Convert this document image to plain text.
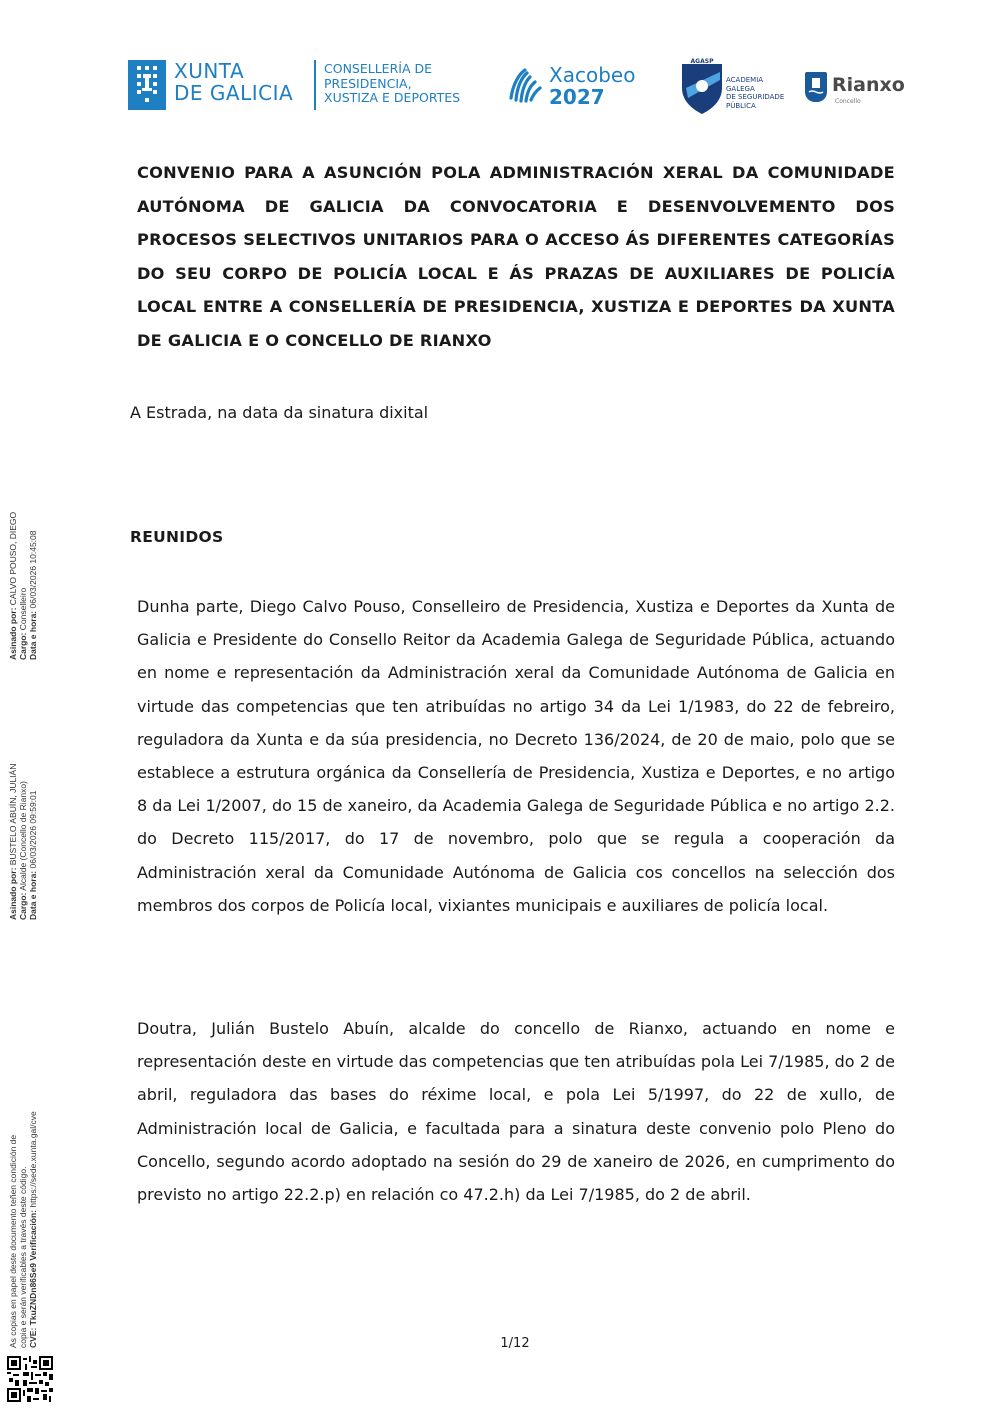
XUNTA
DE GALICIA
CONSELLERÍA DE
PRESIDENCIA,
XUSTIZA E DEPORTES
Xacobeo
2027
AGASP
ACADEMIA
GALEGA
DE SEGURIDADE
PÚBLICA
Rianxo
Concello
CONVENIO PARA A ASUNCIÓN POLA ADMINISTRACIÓN XERAL DA COMUNIDADE AUTÓNOMA DE GALICIA DA CONVOCATORIA E DESENVOLVEMENTO DOS PROCESOS SELECTIVOS UNITARIOS PARA O ACCESO ÁS DIFERENTES CATEGORÍAS DO SEU CORPO DE POLICÍA LOCAL E ÁS PRAZAS DE AUXILIARES DE POLICÍA LOCAL ENTRE A CONSELLERÍA DE PRESIDENCIA, XUSTIZA E DEPORTES DA XUNTA DE GALICIA E O CONCELLO DE RIANXO
A Estrada, na data da sinatura dixital
REUNIDOS
Dunha parte, Diego Calvo Pouso, Conselleiro de Presidencia, Xustiza e Deportes da Xunta de Galicia e Presidente do Consello Reitor da Academia Galega de Seguridade Pública, actuando en nome e representación da Administración xeral da Comunidade Autónoma de Galicia en virtude das competencias que ten atribuídas no artigo 34 da Lei 1/1983, do 22 de febreiro, reguladora da Xunta e da súa presidencia, no Decreto 136/2024, de 20 de maio, polo que se establece a estrutura orgánica da Consellería de Presidencia, Xustiza e Deportes, e no artigo 8 da Lei 1/2007, do 15 de xaneiro, da Academia Galega de Seguridade Pública e no artigo 2.2. do Decreto 115/2017, do 17 de novembro, polo que se regula a cooperación da Administración xeral da Comunidade Autónoma de Galicia cos concellos na selección dos membros dos corpos de Policía local, vixiantes municipais e auxiliares de policía local.
Doutra, Julián Bustelo Abuín, alcalde do concello de Rianxo, actuando en nome e representación deste en virtude das competencias que ten atribuídas pola Lei 7/1985, do 2 de abril, reguladora das bases do réxime local, e pola Lei 5/1997, do 22 de xullo, de Administración local de Galicia, e facultada para a sinatura deste convenio polo Pleno do Concello, segundo acordo adoptado na sesión do 29 de xaneiro de 2026, en cumprimento do previsto no artigo 22.2.p) en relación co 47.2.h) da Lei 7/1985, do 2 de abril.
1/12
Asinado por: CALVO POUSO, DIEGO
Cargo: Conselleiro
Data e hora: 06/03/2026 10:45:08
Asinado por: BUSTELO ABUÍN, JULIÁN
Cargo: Alcalde (Concello de Rianxo)
Data e hora: 06/03/2026 09:59:01
As copias en papel deste documento teñen condición de copia e serán verificables a través deste código. CVE: TkuZNDn86Se9 Verificación: https://sede.xunta.gal/cve
